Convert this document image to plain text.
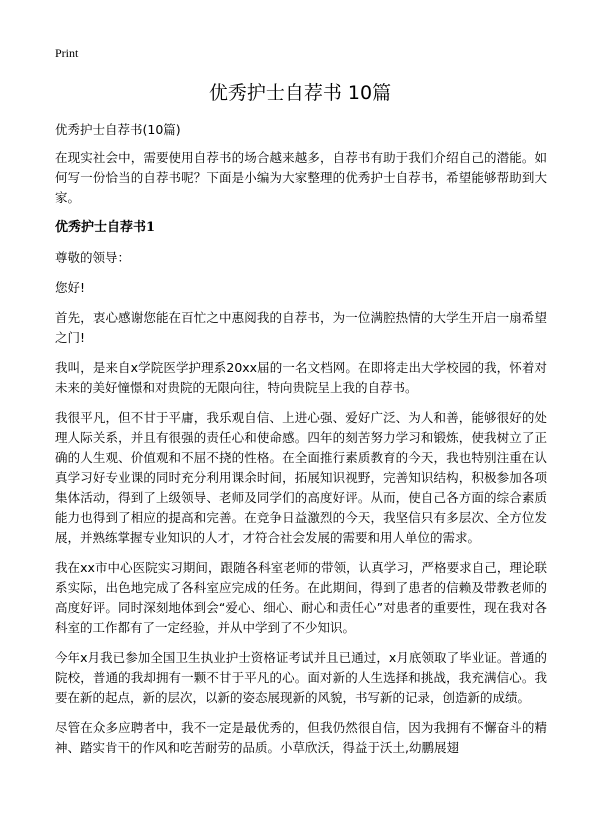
Print
优秀护士自荐书 10篇

优秀护士自荐书(10篇)

在现实社会中，需要使用自荐书的场合越来越多，自荐书有助于我们介绍自己的潜能。如何写一份恰当的自荐书呢？下面是小编为大家整理的优秀护士自荐书，希望能够帮助到大家。

优秀护士自荐书1

尊敬的领导：

您好!

首先，衷心感谢您能在百忙之中惠阅我的自荐书，为一位满腔热情的大学生开启一扇希望之门!

我叫，是来自x学院医学护理系20xx届的一名文档网。在即将走出大学校园的我，怀着对未来的美好憧憬和对贵院的无限向往，特向贵院呈上我的自荐书。

我很平凡，但不甘于平庸，我乐观自信、上进心强、爱好广泛、为人和善，能够很好的处理人际关系，并且有很强的责任心和使命感。四年的刻苦努力学习和锻炼，使我树立了正确的人生观、价值观和不屈不挠的性格。在全面推行素质教育的今天，我也特别注重在认真学习好专业课的同时充分利用课余时间，拓展知识视野，完善知识结构，积极参加各项集体活动，得到了上级领导、老师及同学们的高度好评。从而，使自己各方面的综合素质能力也得到了相应的提高和完善。在竞争日益激烈的今天，我坚信只有多层次、全方位发展，并熟练掌握专业知识的人才，才符合社会发展的需要和用人单位的需求。

我在xx市中心医院实习期间，跟随各科室老师的带领，认真学习，严格要求自己，理论联系实际，出色地完成了各科室应完成的任务。在此期间，得到了患者的信赖及带教老师的高度好评。同时深刻地体到会“爱心、细心、耐心和责任心”对患者的重要性，现在我对各科室的工作都有了一定经验，并从中学到了不少知识。

今年x月我已参加全国卫生执业护士资格证考试并且已通过，x月底领取了毕业证。普通的院校，普通的我却拥有一颗不甘于平凡的心。面对新的人生选择和挑战，我充满信心。我要在新的起点，新的层次，以新的姿态展现新的风貌，书写新的记录，创造新的成绩。

尽管在众多应聘者中，我不一定是最优秀的，但我仍然很自信，因为我拥有不懈奋斗的精神、踏实肯干的作风和吃苦耐劳的品质。小草欣沃，得益于沃土,幼鹏展翅
